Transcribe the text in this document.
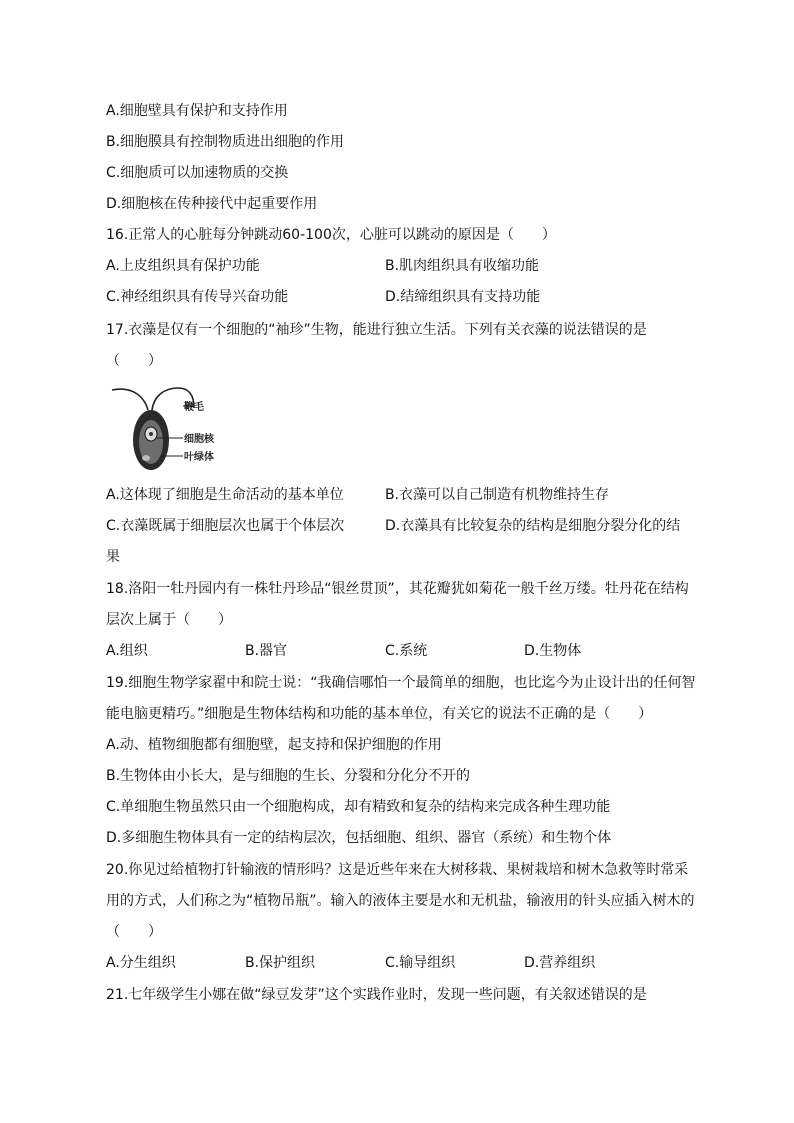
A.细胞壁具有保护和支持作用
B.细胞膜具有控制物质进出细胞的作用
C.细胞质可以加速物质的交换
D.细胞核在传种接代中起重要作用
16.正常人的心脏每分钟跳动60-100次，心脏可以跳动的原因是（　　）
A.上皮组织具有保护功能	B.肌肉组织具有收缩功能
C.神经组织具有传导兴奋功能	D.结缔组织具有支持功能
17.衣藻是仅有一个细胞的“袖珍”生物，能进行独立生活。下列有关衣藻的说法错误的是
（　　）
鞭毛
细胞核
叶绿体
A.这体现了细胞是生命活动的基本单位	B.衣藻可以自己制造有机物维持生存
C.衣藻既属于细胞层次也属于个体层次	D.衣藻具有比较复杂的结构是细胞分裂分化的结
果
18.洛阳一牡丹园内有一株牡丹珍品“银丝贯顶”，其花瓣犹如菊花一般千丝万缕。牡丹花在结构
层次上属于（　　）
A.组织	B.器官	C.系统	D.生物体
19.细胞生物学家翟中和院士说：“我确信哪怕一个最简单的细胞，也比迄今为止设计出的任何智
能电脑更精巧。”细胞是生物体结构和功能的基本单位，有关它的说法不正确的是（　　）
A.动、植物细胞都有细胞壁，起支持和保护细胞的作用
B.生物体由小长大，是与细胞的生长、分裂和分化分不开的
C.单细胞生物虽然只由一个细胞构成，却有精致和复杂的结构来完成各种生理功能
D.多细胞生物体具有一定的结构层次，包括细胞、组织、器官（系统）和生物个体
20.你见过给植物打针输液的情形吗？这是近些年来在大树移栽、果树栽培和树木急救等时常采
用的方式，人们称之为“植物吊瓶”。输入的液体主要是水和无机盐，输液用的针头应插入树木的
（　　）
A.分生组织	B.保护组织	C.输导组织	D.营养组织
21.七年级学生小娜在做“绿豆发芽”这个实践作业时，发现一些问题，有关叙述错误的是
